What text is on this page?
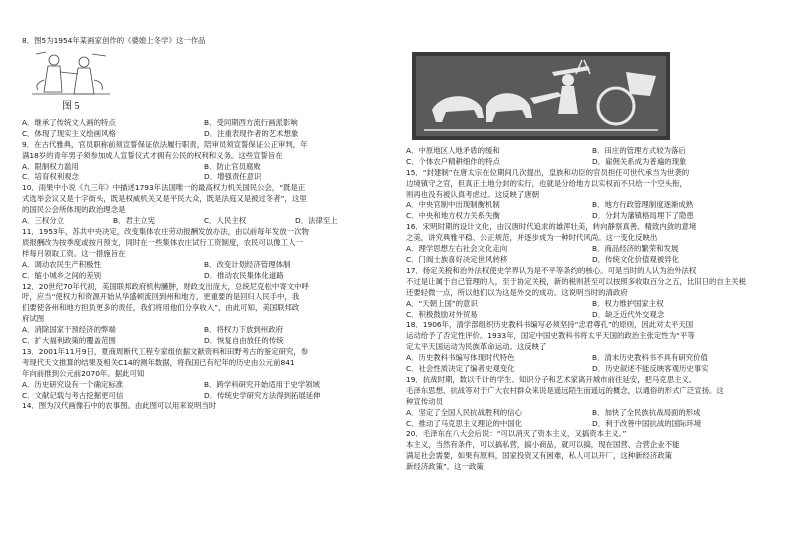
8．图5为1954年某画家创作的《婆媳上冬学》这一作品

图 5
A．继承了传统文人画的特点	B．受同期西方流行画派影响
C．体现了现实主义绘画风格	D．注重表现作者的艺术想象

9．在古代雅典，官员职称前须宣誓保证依法履行职责，陪审员须宣誓保证公正审判，年

满18岁的青年男子须参加成人宣誓仪式才拥有公民的权利和义务。这些宣誓旨在

A．限制权力滥用	B．防止官员腐败
C．培育权利观念	D．增强责任意识

10．雨果中小说《九三年》中描述1793年法国唯一的最高权力机关国民公会，“既是正

式选举会议又是十字街头，既是权威机关又是平民大众，既是法庭又是被过冬者”，这里

的国民公会所体现的政治理念是

A．三权分立	B．君主立宪	C．人民主权	D．法律至上

11．1953年，苏共中央决定，改变集体农庄劳动报酬发放办法，由以前每年发放一次物

质报酬改为按季度或按月预支，同时在一些集体农庄试行工资制度，农民可以像工人一

样每月领取工资。这一措施旨在

A．调动农民生产积极性	B．改变计划经济管理体制
C．缩小城乡之间的差别	D．推动农民集体化道路

12．20世纪70年代初，美国联邦政府机构臃肿，财政支出庞大，总统尼克松中寄文中呼

吁，应当“使权力和资源开始从华盛顿流回到州和地方，更重要的是回归人民手中，我

们要使各州和地方担负更多的责任，我们将用他们分享收入”，由此可知，美国联邦政

府试图

A．消除国家干预经济的弊端	B．将权力下放到州政府
C．扩大福利政策的覆盖范围	D．恢复自由放任的传统

13．2001年11月9日，夏商周断代工程专家组依据文献资料和田野考古的鉴定研究，参

考现代天文推算的结果及相关C14的测年数据，将我国已有纪年的历史由公元前841

年向前推到公元前2070年。据此可知

A．历史研究设有一个确定标准	B．跨学科研究开始适用于史学领域
C．文献记载与考古挖掘更可信	D．传统史学研究方法得到拓展延伸

14．图为汉代画像石中的农事图。由此图可以用来说明当时

A．中原地区人地矛盾的缓和	B．田庄的管理方式较为落后
C．个体农户精耕细作的特点	D．雇佣关系成为普遍的现象

15．“封建制”在唐太宗在位期间几次提出，皇族和功臣的官员担任可世代承当为世袭的

边境镇守之官，但真正土地分封的实行，也就是分给地方以实权而不只给一个空头衔，

则再也没有被认真考虑过。这反映了唐朝

A．中央官制中出现制衡机制	B．地方行政管理制度逐渐成熟
C．中央和地方权力关系失衡	D．分封为藩镇格局埋下了隐患

16．宋明时期的设计文化，由汉唐时代追求的雄浑壮美，转向静察真善、精致内敛的意境

之美，讲究典雅平稳、公正规范，并逐步成为一种时代风尚。这一变化反映出

A．理学思想左右社会文化走向	B．商品经济的繁荣和发展
C．门阀士族喜好决定世风转移	D．传统文化价值观被异化

17．扬定关税和治外法权使史学界认为是不平等条约的核心。可是当时的人认为治外法权

不过是让属于自己管理的人，至于协定关税，新的税则甚至可以按照多收取百分之五，比旧日的自主关税

还要轻微一点，所以他们以为这是外交的成功。这说明当时的清政府

A．“天朝上国”的意识	B．权力维护国家主权
C．积极鼓励对外贸易	D．缺乏近代外交观念

18．1906年，清学部组织历史教科书编写必须坚持“忠君尊孔”的原则，因此对太平天国

运动给予了否定性评价。1933年，国定中国史教科书将太平天国的政治主张定性为“平等

定太平天国运动为民族革命运动。这反映了

A．历史教科书编写体现时代特色	B．清末历史教科书不具有研究价值
C．社会性质决定了编者史观变化	D．历史叙述不能反映客观历史事实

19．抗战时期，数以千计的学生、知识分子和艺术家离开城市前往延安，把马克思主义、

毛泽东思想、抗战等对于广大农村群众来说是遥远陌生而遥远的概念，以通俗的形式广泛宣扬。这

种宣传动员

A．坚定了全国人民抗战胜利的信心	B．加快了全民族抗战局面的形成
C．推动了马克思主义理论的中国化	D．利于改善中国抗战的国际环境

20．毛泽东在八大会后说：“可以消灭了资本主义，又搞资本主义。”

本主义，当然有条件，可以搞私营，搞小商品，就可以搞，现在国营、合营企业不能

满足社会需要，如果有原料，国家投资又有困难，私人可以开厂，这种新经济政策

新经济政策”。这一政策
